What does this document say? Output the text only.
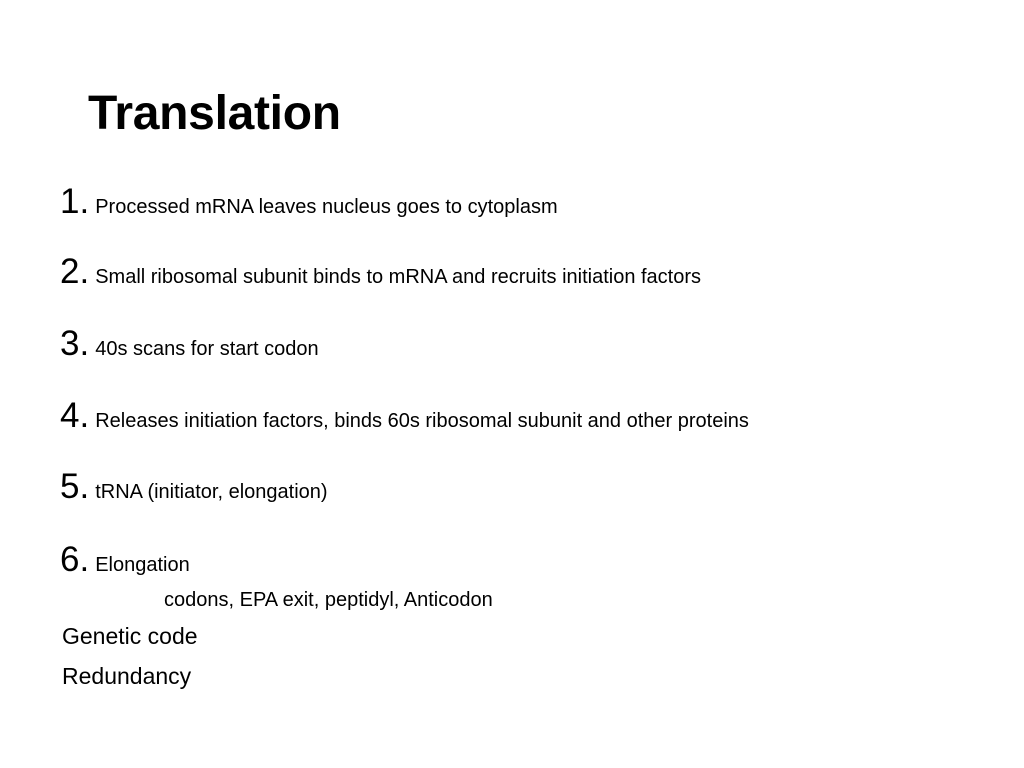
Translation
1. Processed mRNA leaves nucleus goes to cytoplasm
2. Small ribosomal subunit binds to mRNA and recruits initiation factors
3. 40s scans for start codon
4. Releases initiation factors, binds 60s ribosomal subunit and other proteins
5. tRNA (initiator, elongation)
6. Elongation
codons, EPA exit, peptidyl, Anticodon
Genetic code
Redundancy
